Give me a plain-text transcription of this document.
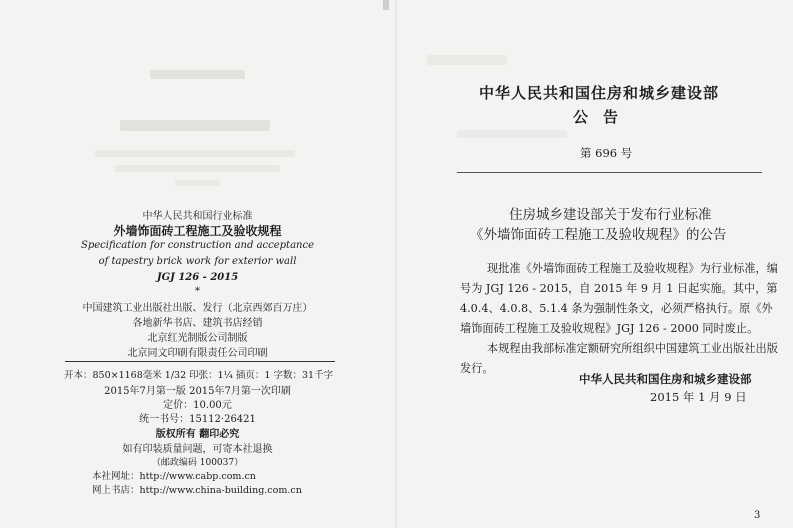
中华人民共和国行业标准
外墙饰面砖工程施工及验收规程
Specification for construction and acceptance
of tapestry brick work for exterior wall
JGJ 126 - 2015
*
中国建筑工业出版社出版、发行（北京西郊百万庄）
各地新华书店、建筑书店经销
北京红光制版公司制版
北京同文印刷有限责任公司印刷
开本：850×1168毫米 1/32 印张：1¼ 插页：1 字数：31千字
2015年7月第一版 2015年7月第一次印刷
定价：10.00元
统一书号：15112·26421
版权所有 翻印必究
如有印装质量问题，可寄本社退换
（邮政编码 100037）
本社网址：http://www.cabp.com.cn
网上书店：http://www.china-building.com.cn
中华人民共和国住房和城乡建设部
公　告
第 696 号
住房城乡建设部关于发布行业标准
《外墙饰面砖工程施工及验收规程》的公告
现批准《外墙饰面砖工程施工及验收规程》为行业标准，编
号为 JGJ 126 - 2015，自 2015 年 9 月 1 日起实施。其中，第
4.0.4、4.0.8、5.1.4 条为强制性条文，必须严格执行。原《外
墙饰面砖工程施工及验收规程》JGJ 126 - 2000 同时废止。
本规程由我部标准定额研究所组织中国建筑工业出版社出版
发行。
中华人民共和国住房和城乡建设部
2015 年 1 月 9 日
3
